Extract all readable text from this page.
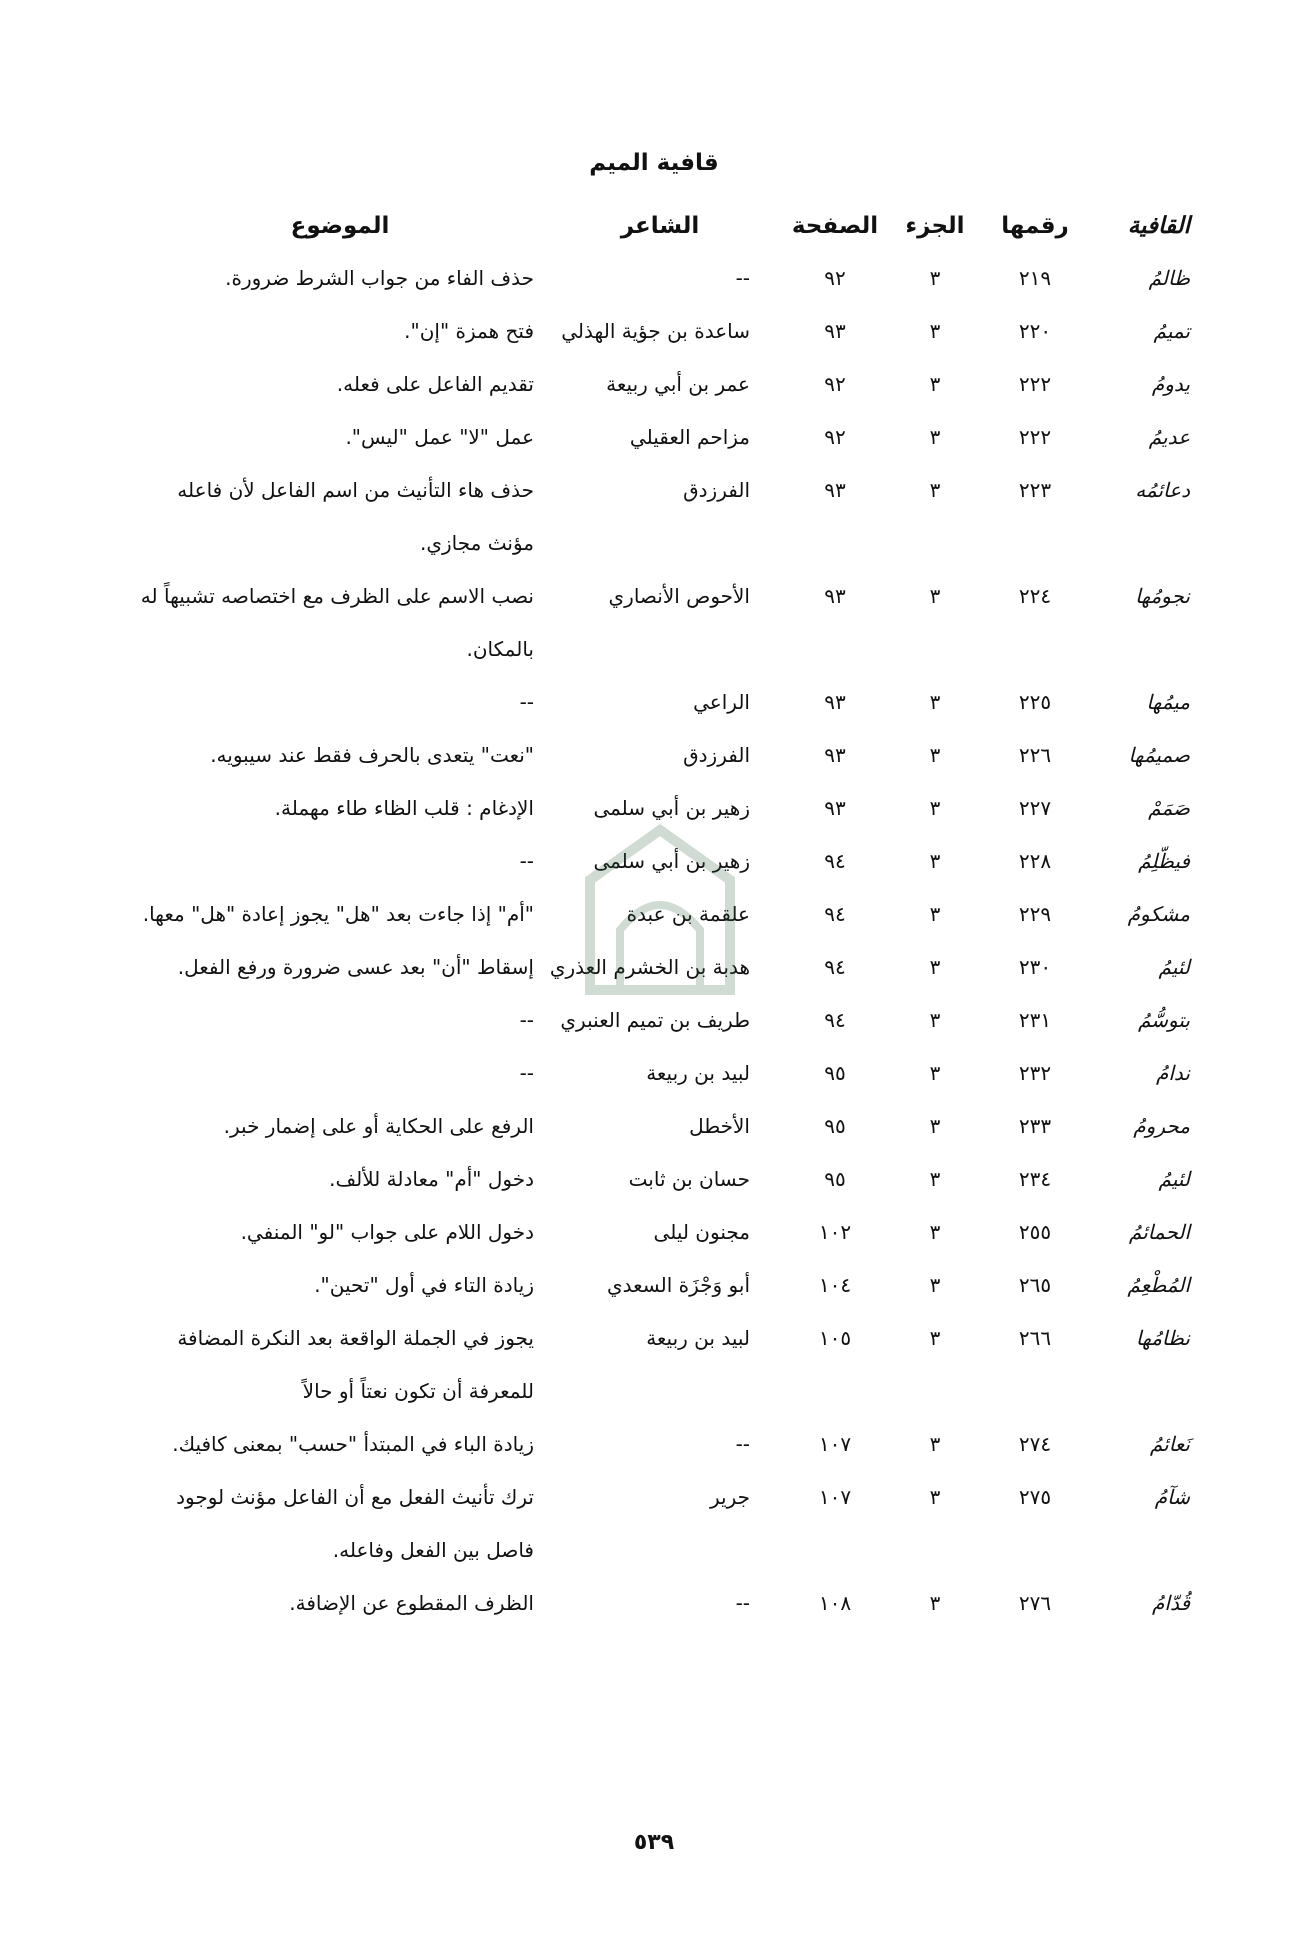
قافية الميم
القافية	رقمها	الجزء	الصفحة	الشاعر	الموضوع
ظالمُ	٢١٩	٣	٩٢	--	حذف الفاء من جواب الشرط ضرورة.
تميمُ	٢٢٠	٣	٩٣	ساعدة بن جؤية الهذلي	فتح همزة "إن".
يدومُ	٢٢٢	٣	٩٢	عمر بن أبي ربيعة	تقديم الفاعل على فعله.
عديمُ	٢٢٢	٣	٩٢	مزاحم العقيلي	عمل "لا" عمل "ليس".
دعائمُه	٢٢٣	٣	٩٣	الفرزدق	حذف هاء التأنيث من اسم الفاعل لأن فاعله مؤنث مجازي.
نجومُها	٢٢٤	٣	٩٣	الأحوص الأنصاري	نصب الاسم على الظرف مع اختصاصه تشبيهاً له بالمكان.
ميمُها	٢٢٥	٣	٩٣	الراعي	--
صميمُها	٢٢٦	٣	٩٣	الفرزدق	"نعت" يتعدى بالحرف فقط عند سيبويه.
صَمَمْ	٢٢٧	٣	٩٣	زهير بن أبي سلمى	الإدغام : قلب الظاء طاء مهملة.
فيظّلِمُ	٢٢٨	٣	٩٤	زهير بن أبي سلمى	--
مشكومُ	٢٢٩	٣	٩٤	علقمة بن عبدة	"أم" إذا جاءت بعد "هل" يجوز إعادة "هل" معها.
لئيمُ	٢٣٠	٣	٩٤	هدبة بن الخشرم العذري	إسقاط "أن" بعد عسى ضرورة ورفع الفعل.
بتوسُّمُ	٢٣١	٣	٩٤	طريف بن تميم العنبري	--
ندامُ	٢٣٢	٣	٩٥	لبيد بن ربيعة	--
محرومُ	٢٣٣	٣	٩٥	الأخطل	الرفع على الحكاية أو على إضمار خبر.
لئيمُ	٢٣٤	٣	٩٥	حسان بن ثابت	دخول "أم" معادلة للألف.
الحمائمُ	٢٥٥	٣	١٠٢	مجنون ليلى	دخول اللام على جواب "لو" المنفي.
المُطْعِمُ	٢٦٥	٣	١٠٤	أبو وَجْزَة السعدي	زيادة التاء في أول "تحين".
نظامُها	٢٦٦	٣	١٠٥	لبيد بن ربيعة	يجوز في الجملة الواقعة بعد النكرة المضافة للمعرفة أن تكون نعتاً أو حالاً
نَعائمُ	٢٧٤	٣	١٠٧	--	زيادة الباء في المبتدأ "حسب" بمعنى كافيك.
شآمُ	٢٧٥	٣	١٠٧	جرير	ترك تأنيث الفعل مع أن الفاعل مؤنث لوجود فاصل بين الفعل وفاعله.
قُدّامُ	٢٧٦	٣	١٠٨	--	الظرف المقطوع عن الإضافة.
٥٣٩
